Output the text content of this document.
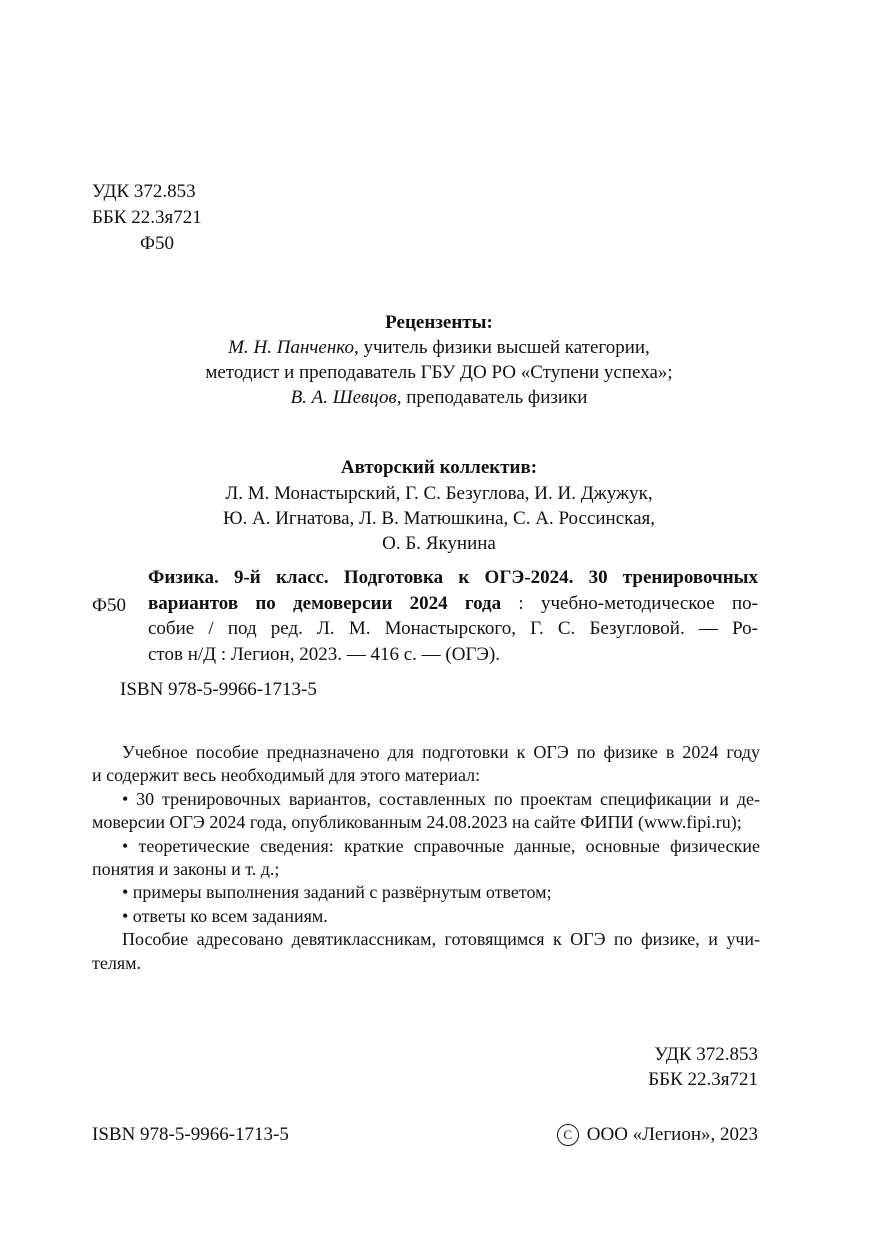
УДК 372.853
ББК 22.3я721
Ф50
Рецензенты:
М. Н. Панченко, учитель физики высшей категории,
методист и преподаватель ГБУ ДО РО «Ступени успеха»;
В. А. Шевцов, преподаватель физики
Авторский коллектив:
Л. М. Монастырский, Г. С. Безуглова, И. И. Джужук,
Ю. А. Игнатова, Л. В. Матюшкина, С. А. Россинская,
О. Б. Якунина
Ф50
Физика. 9-й класс. Подготовка к ОГЭ-2024. 30 тренировочных
вариантов по демоверсии 2024 года : учебно-методическое по-
собие / под ред. Л. М. Монастырского, Г. С. Безугловой. — Ро-
стов н/Д : Легион, 2023. — 416 с. — (ОГЭ).
ISBN 978-5-9966-1713-5
Учебное пособие предназначено для подготовки к ОГЭ по физике в 2024 году
и содержит весь необходимый для этого материал:
• 30 тренировочных вариантов, составленных по проектам спецификации и де-
моверсии ОГЭ 2024 года, опубликованным 24.08.2023 на сайте ФИПИ (www.fipi.ru);
• теоретические сведения: краткие справочные данные, основные физические
понятия и законы и т. д.;
• примеры выполнения заданий с развёрнутым ответом;
• ответы ко всем заданиям.
Пособие адресовано девятиклассникам, готовящимся к ОГЭ по физике, и учи-
телям.
УДК 372.853
ББК 22.3я721
ISBN 978-5-9966-1713-5	C ООО «Легион», 2023
